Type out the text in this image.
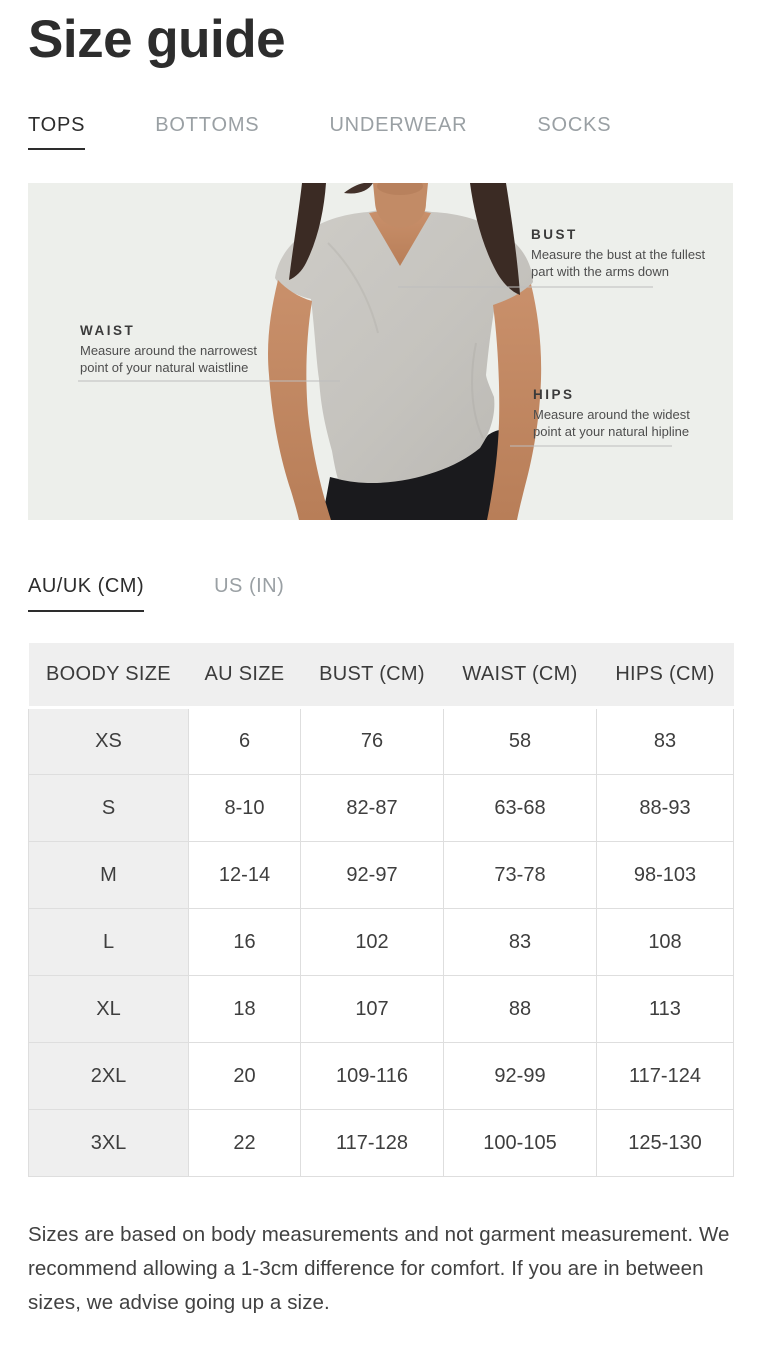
Size guide
TOPS	BOTTOMS	UNDERWEAR	SOCKS
BUST
Measure the bust at the fullest
part with the arms down
WAIST
Measure around the narrowest
point of your natural waistline
HIPS
Measure around the widest
point at your natural hipline
AU/UK (CM)	US (IN)
BOODY SIZE	AU SIZE	BUST (CM)	WAIST (CM)	HIPS (CM)
XS	6	76	58	83
S	8-10	82-87	63-68	88-93
M	12-14	92-97	73-78	98-103
L	16	102	83	108
XL	18	107	88	113
2XL	20	109-116	92-99	117-124
3XL	22	117-128	100-105	125-130

Sizes are based on body measurements and not garment measurement. We recommend allowing a 1-3cm difference for comfort. If you are in between sizes, we advise going up a size.
